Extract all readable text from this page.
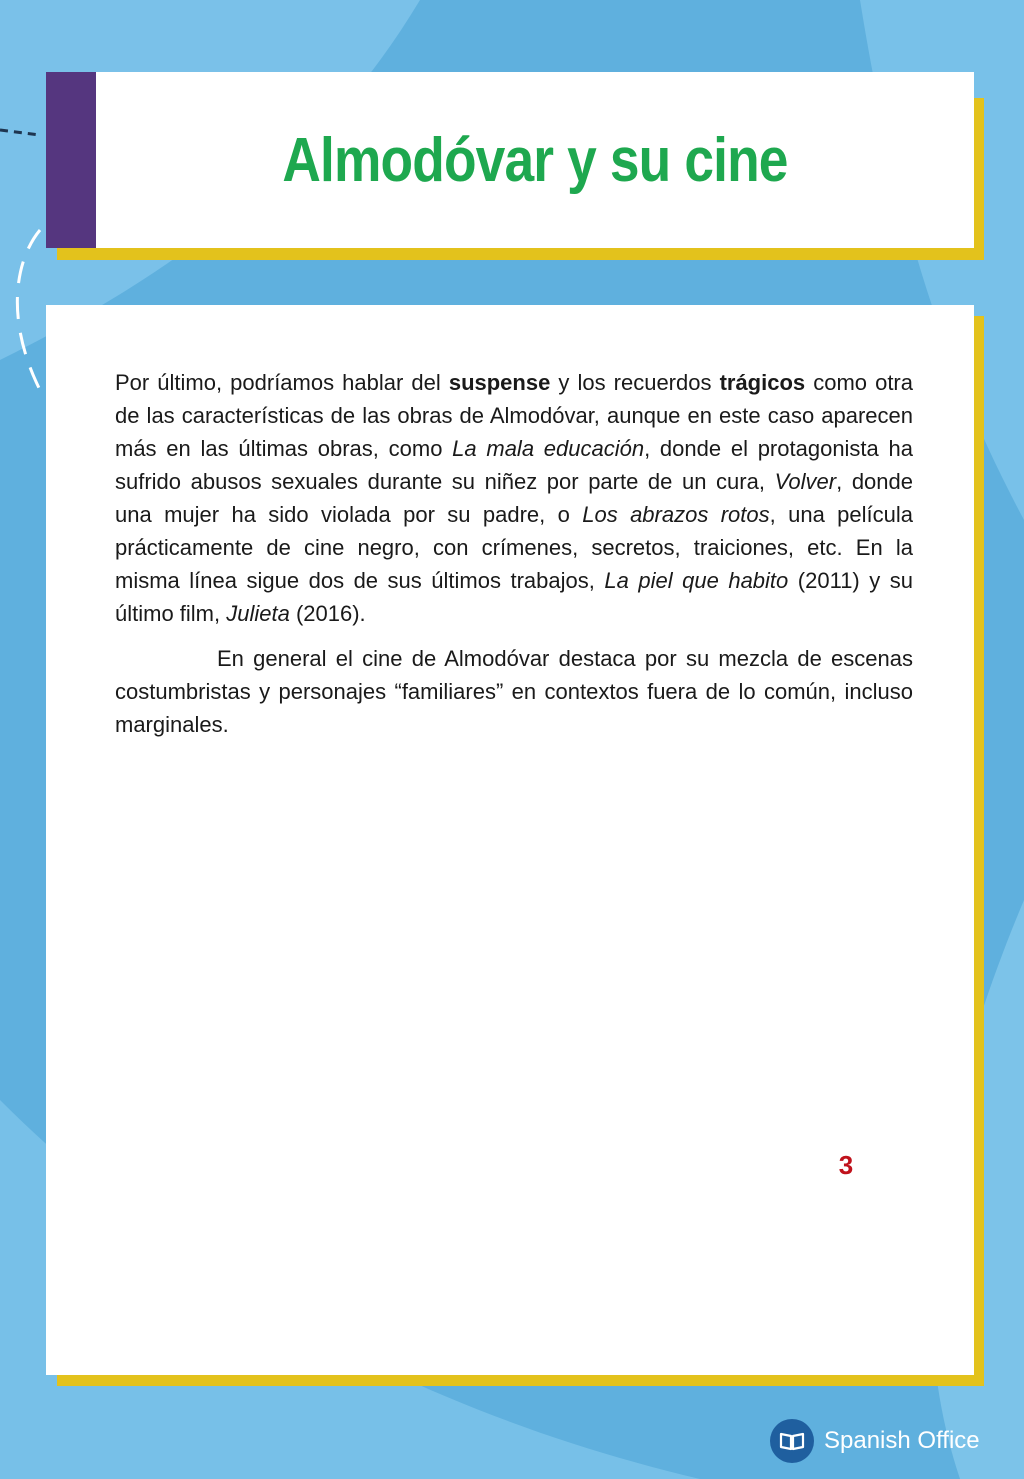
Almodóvar y su cine

Por último, podríamos hablar del suspense y los recuerdos trágicos como otra de las características de las obras de Almodóvar, aunque en este caso aparecen más en las últimas obras, como La mala educación, donde el protagonista ha sufrido abusos sexuales durante su niñez por parte de un cura, Volver, donde una mujer ha sido violada por su padre, o Los abrazos rotos, una película prácticamente de cine negro, con crímenes, secretos, traiciones, etc. En la misma línea sigue dos de sus últimos trabajos, La piel que habito (2011) y su último film, Julieta (2016).

En general el cine de Almodóvar destaca por su mezcla de escenas costumbristas y personajes “familiares” en contextos fuera de lo común, incluso marginales.

3
Spanish Office
